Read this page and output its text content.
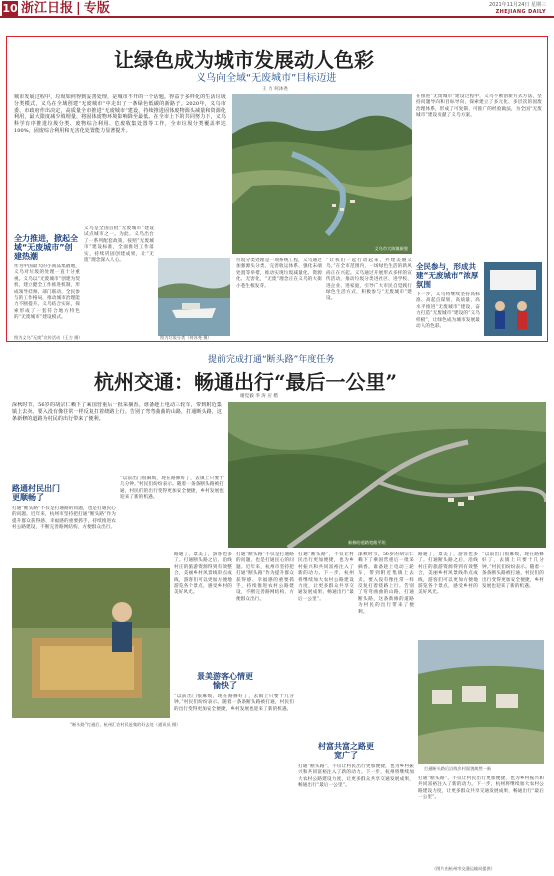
10 浙江日报 | 专版	2021年11月24日 星期三
ZHEJIANG DAILY
让绿色成为城市发展动人色彩
义乌向全域“无废城市”目标迈进
王 力 何沐尧
城市发展过程中，垃圾如何得到妥善处理，是城市不开的一个话题。得益于多样化的生活垃圾分类模式，义乌在全域创建“无废城市”中走出了一条绿色低碳的新路子。2020年，义乌市委、市政府作出决定，高质量全市推进“无废城市”建设，持续推进固体废物源头减量和资源化利用，最大限度减少填埋量，将固体废物环境影响降至最低。在全市上下的共同努力下，义乌科学有序推进垃圾分类、废物综合利用、危废收集处置等工作，全市垃圾分类覆盖率达100%，固废综合利用和无害化处置能力显著提升。
义乌市大陈镇新貌
在推进“无废城市”建设过程中，义乌不断创新方式方法，坚持问题导向和目标导向，探索建立了多元化、多层次的固废治理体系，形成了可复制、可推广的经验做法，为全国“无废城市”建设贡献了义乌方案。
全力推进，掀起全域“无废城市”创建热潮
作为中国最大的小商品集散地，义乌对垃圾的处理一直十分重视。义乌以“无废城市”创建为契机，建立健全工作推进机制，形成领导挂帅、部门联动、全民参与的工作格局，推动城市治理能力不断提升。义乌结合实际，探索形成了一套符合地方特色的“无废城市”建设模式。
义乌是全国首批“无废城市”建设试点城市之一。为此，义乌出台了一系列配套政策，按照“无废城市”建设标准，全面推进工作落实，持续巩固创建成果，让“无废”理念深入人心。	垃圾分类处理是一项系统工程，义乌通过加强源头分类、完善收运体系、强化末端处置等举措，推动实现垃圾减量化、资源化、无害化，“无废”理念正在义乌的大街小巷生根发芽。
“让我们一起行动起来，共建美丽义乌。”在全市范围内，一场绿色生活的新风尚正在兴起。义乌通过开展形式多样的宣传活动，推动垃圾分类进社区、进学校、进企业、进家庭，引导广大市民自觉践行绿色生活方式，积极参与“无废城市”建设。
全民参与，形成共建“无废城市”浓厚氛围
下一步，义乌将继续坚持高标准、高起点谋划，高质量、高水平推进“无废城市”建设，奋力打造“无废城市”建设的“义乌样板”，让绿色成为城市发展最动人的色彩。
图为义乌“无废”宣传活动（王力 摄）	图为垃圾分类（何沐尧 摄）
提前完成打通“断头路”年度任务
杭州交通：畅通出行“最后一公里”
谢觉毅 李 涛 应 楷
深秋时节，56岁的胡宗仁赖下了乘国营重后一批采摘香。谁备趁上电动三轮车，带到附近集镇上去卖。要入没有像往常一样反复打着绕路上行。告别了弯弯曲曲的山路，打通断头路，这条新修的道路为村民的出行带来了便利。
新修的道路宽敞平坦
路通村民出门更顺畅了
打通“断头路”不仅是打通路的问题，也是打通民心的问题。近年来，杭州市坚持把打通“断头路”作为提升群众获得感、幸福感的重要抓手，持续推进农村公路建设，不断完善路网结构，方便群众出行。
“断头路”打通后，杭州汇农村民赶集的好去处（通讯员 摄）
“以前出门很麻烦，现在路修好了，去镇上只要十几分钟。”村民们纷纷表示。随着一条条断头路被打通，村民们的出行变得更加安全便捷，乡村发展也迎来了新的机遇。
路通了，景美了，游客也多了。打通断头路之后，沿线村庄的旅游资源得到有效整合，美丽乡村风景线串点成线，游客们可以更加方便地游览各个景点，感受乡村的美好风光。
打通“断头路”不仅是打通路的问题，也是打通民心的问题。近年来，杭州市坚持把打通“断头路”作为提升群众获得感、幸福感的重要抓手，持续推进农村公路建设，不断完善路网结构，方便群众出行。
景美游客心情更愉快了
“以前出门很麻烦，现在路修好了，去镇上只要十几分钟。”村民们纷纷表示。随着一条条断头路被打通，村民们的出行变得更加安全便捷，乡村发展也迎来了新的机遇。
打通“断头路”，不仅让村民出行更加便捷，也为乡村振兴和共同富裕注入了新的动力。下一步，杭州将继续加大农村公路建设力度，让更多群众共享交通发展成果，畅通出行“最后一公里”。
深秋时节，56岁的胡宗仁赖下了乘国营重后一批采摘香。谁备趁上电动三轮车，带到附近集镇上去卖。要入没有像往常一样反复打着绕路上行。告别了弯弯曲曲的山路，打通断头路，这条新修的道路为村民的出行带来了便利。
村富共富之路更宽广了
打通“断头路”，不仅让村民出行更加便捷，也为乡村振兴和共同富裕注入了新的动力。下一步，杭州将继续加大农村公路建设力度，让更多群众共享交通发展成果，畅通出行“最后一公里”。
路通了，景美了，游客也多了。打通断头路之后，沿线村庄的旅游资源得到有效整合，美丽乡村风景线串点成线，游客们可以更加方便地游览各个景点，感受乡村的美好风光。
“以前出门很麻烦，现在路修好了，去镇上只要十几分钟。”村民们纷纷表示。随着一条条断头路被打通，村民们的出行变得更加安全便捷，乡村发展也迎来了新的机遇。
打通断头路后沿线乡村面貌焕然一新
打通“断头路”，不仅让村民出行更加便捷，也为乡村振兴和共同富裕注入了新的动力。下一步，杭州将继续加大农村公路建设力度，让更多群众共享交通发展成果，畅通出行“最后一公里”。
（图片由杭州市交通运输局提供）
